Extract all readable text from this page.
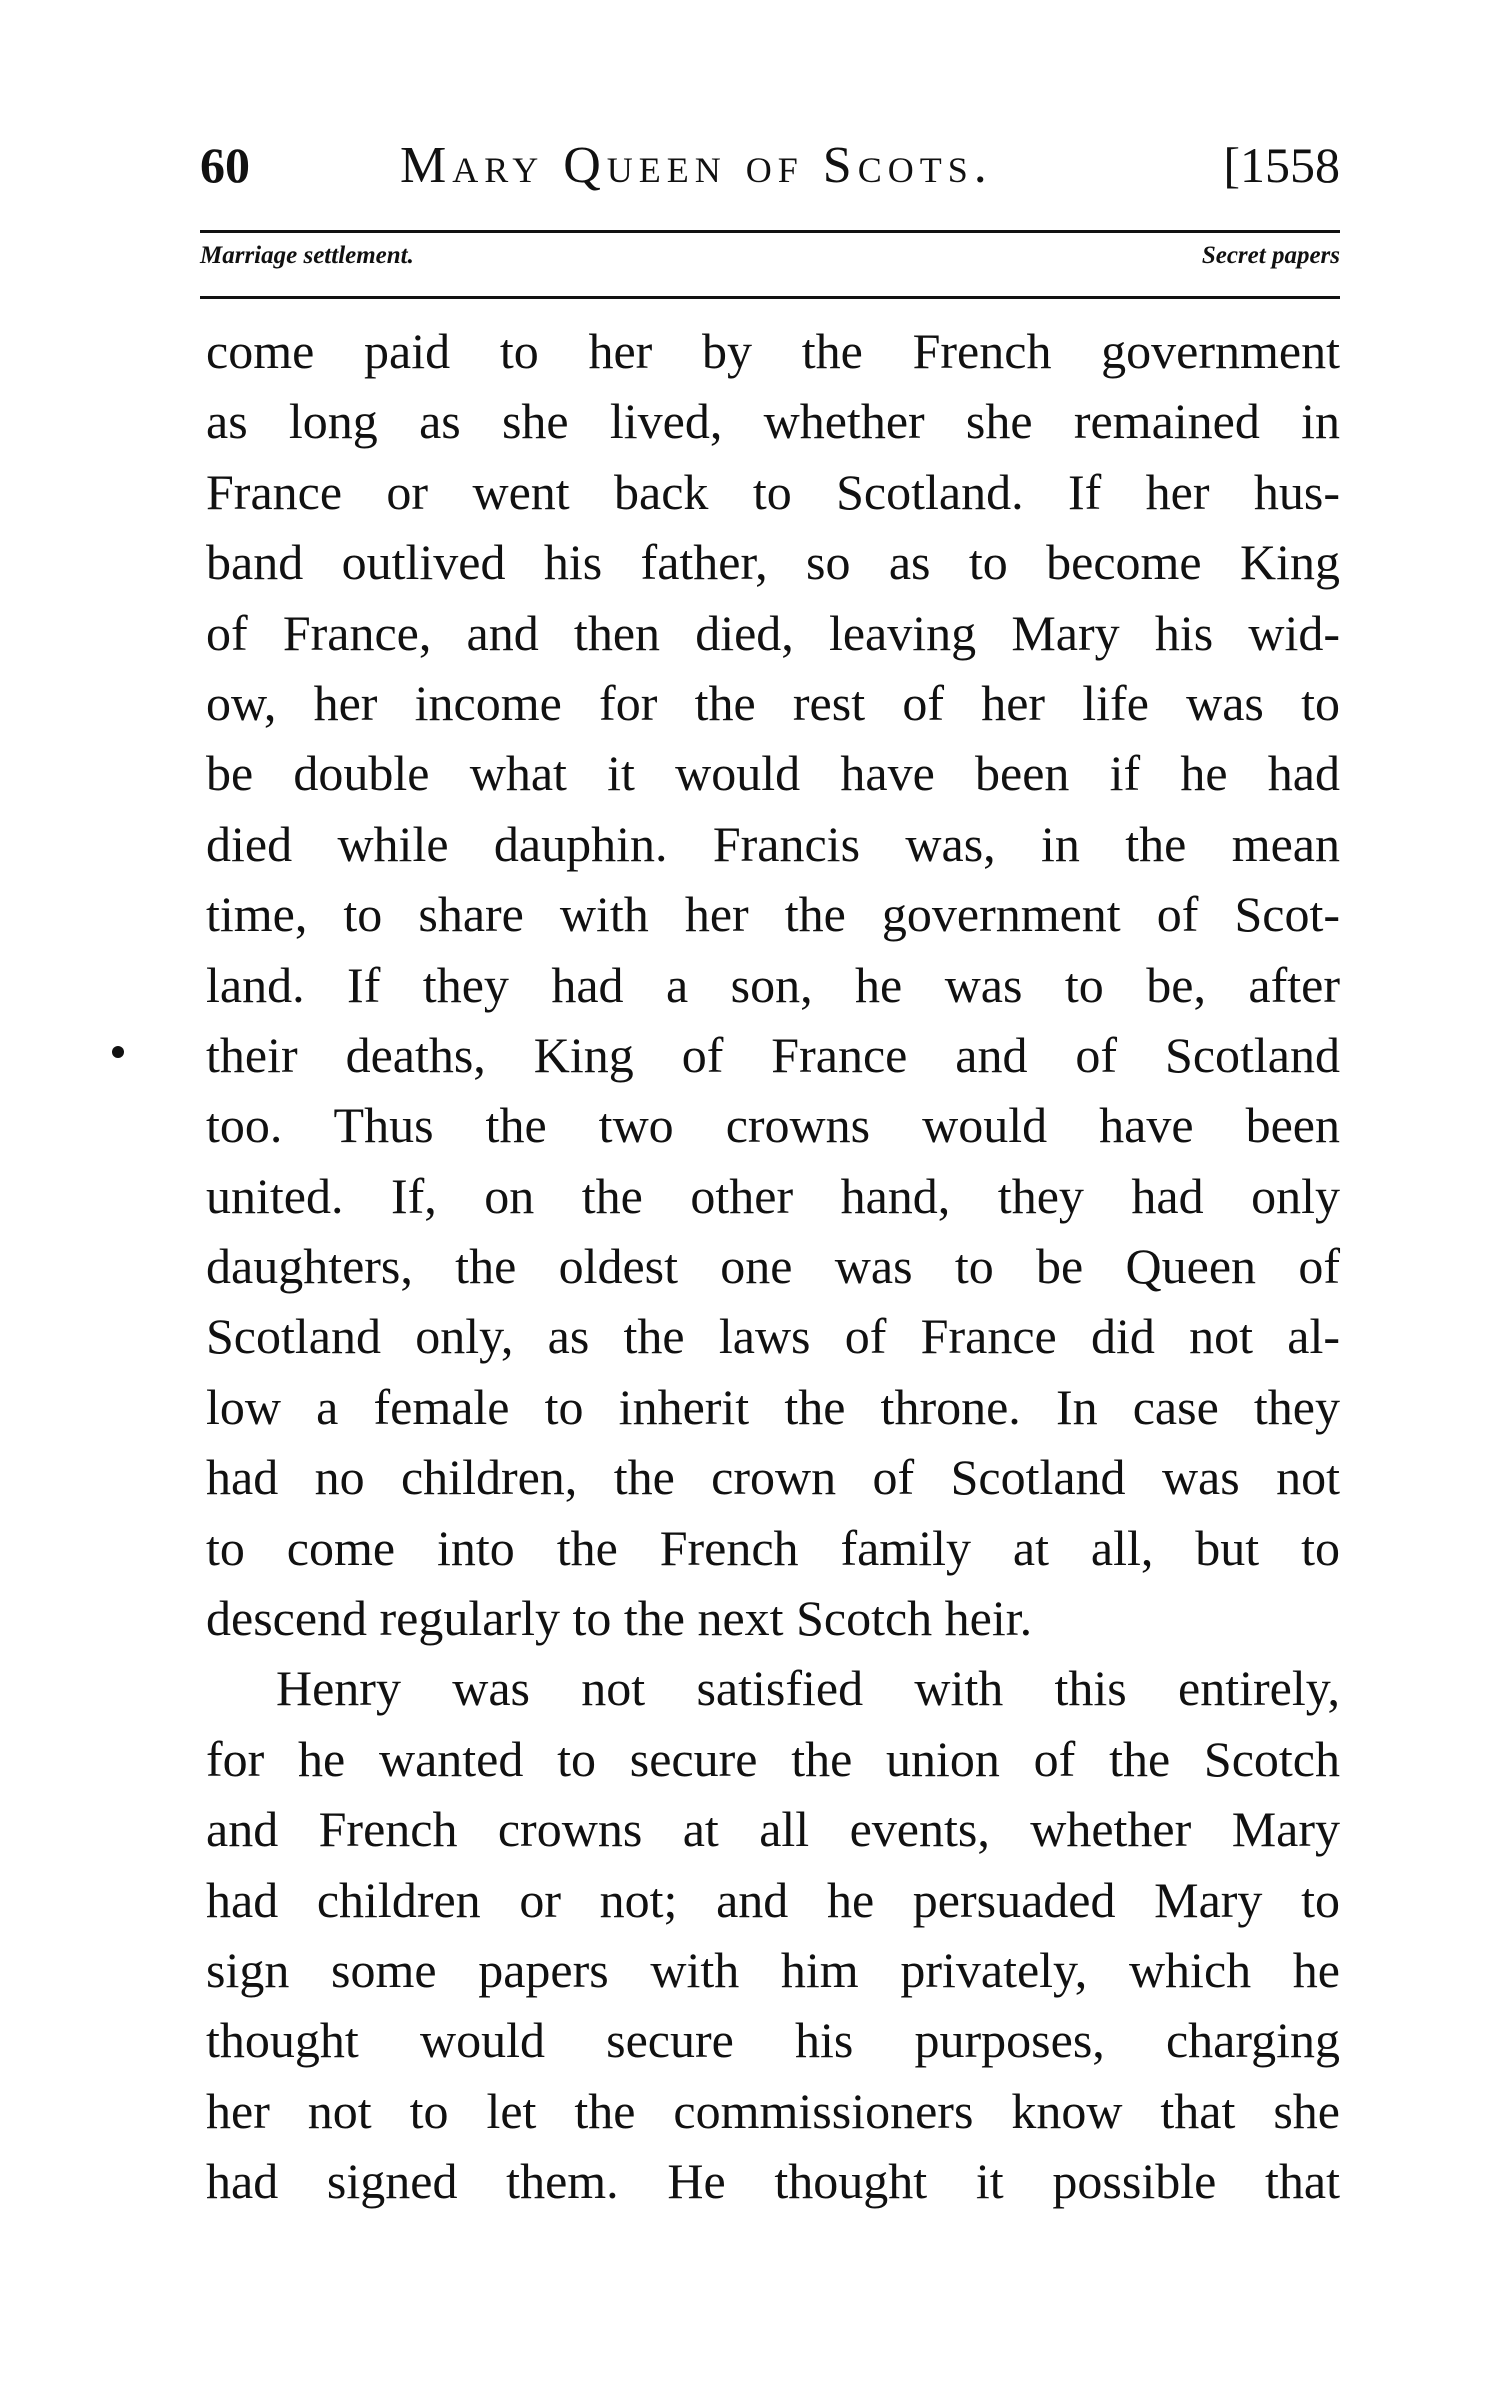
60	Mary Queen of Scots.	[1558
Marriage settlement.	Secret papers
come paid to her by the French government
as long as she lived, whether she remained in
France or went back to Scotland. If her hus-
band outlived his father, so as to become King
of France, and then died, leaving Mary his wid-
ow, her income for the rest of her life was to
be double what it would have been if he had
died while dauphin. Francis was, in the mean
time, to share with her the government of Scot-
land. If they had a son, he was to be, after
their deaths, King of France and of Scotland
too. Thus the two crowns would have been
united. If, on the other hand, they had only
daughters, the oldest one was to be Queen of
Scotland only, as the laws of France did not al-
low a female to inherit the throne. In case they
had no children, the crown of Scotland was not
to come into the French family at all, but to
descend regularly to the next Scotch heir.
Henry was not satisfied with this entirely,
for he wanted to secure the union of the Scotch
and French crowns at all events, whether Mary
had children or not; and he persuaded Mary to
sign some papers with him privately, which he
thought would secure his purposes, charging
her not to let the commissioners know that she
had signed them. He thought it possible that
